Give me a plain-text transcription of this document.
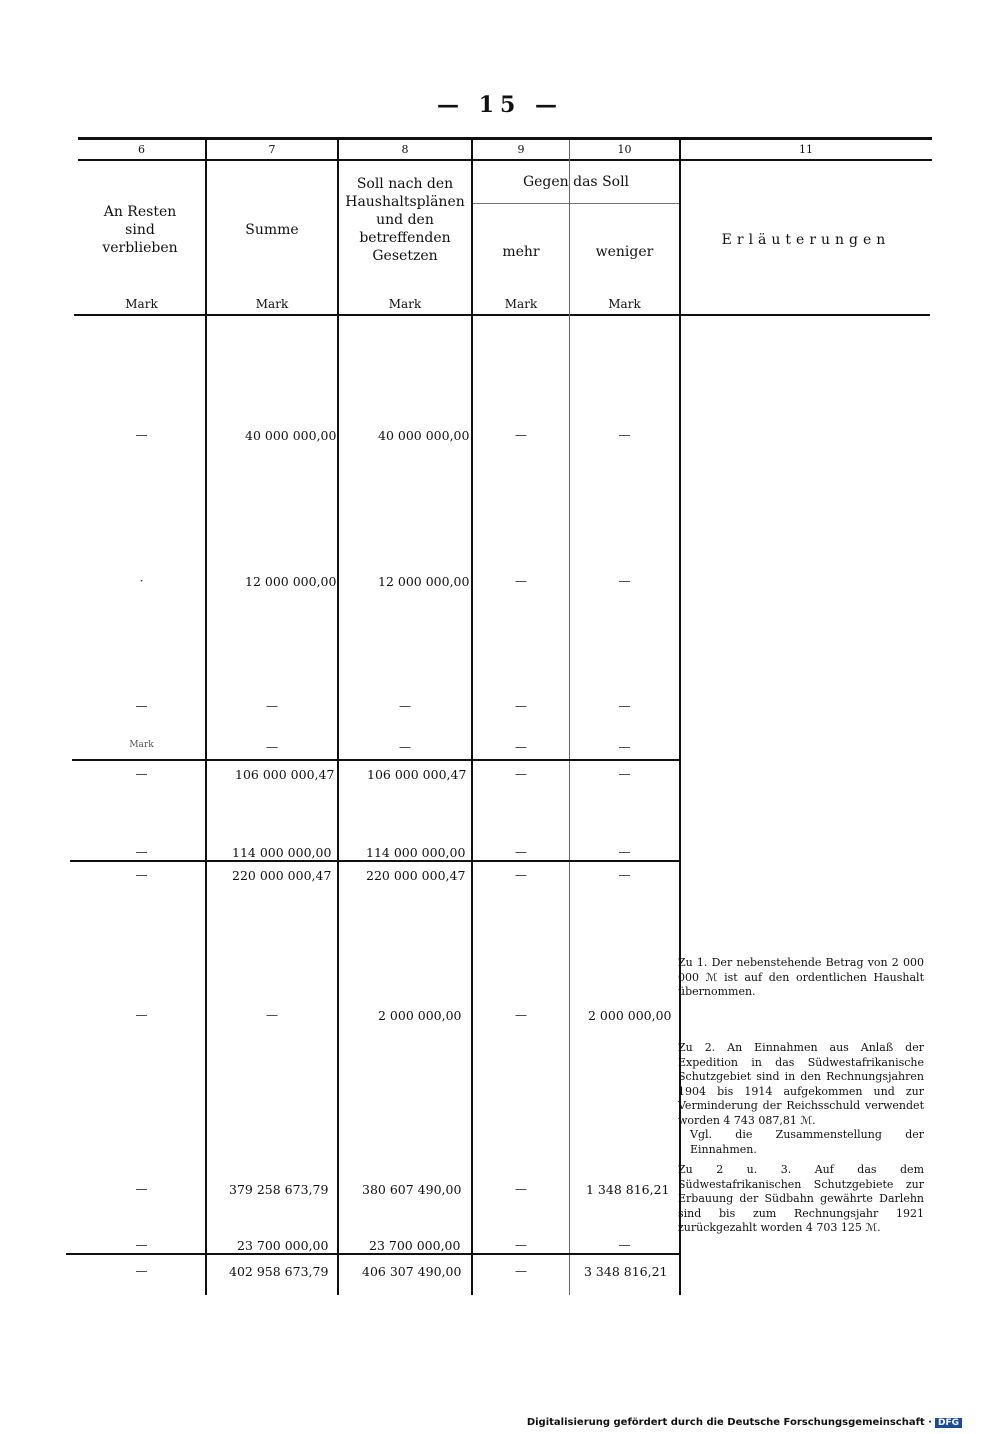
— 15 —
6	7	8	9	10	11
An Resten sind verblieben
Summe
Soll nach den Haushaltsplänen und den betreffenden Gesetzen
Gegen das Soll
mehr	weniger
Erläuterungen
Mark	Mark	Mark	Mark	Mark
—	40 000 000,00	40 000 000,00	—	—
·	12 000 000,00	12 000 000,00	—	—
—	—	—	—	—
Mark	—	—	—	—
—	106 000 000,47	106 000 000,47	—	—
—	114 000 000,00	114 000 000,00	—	—
—	220 000 000,47	220 000 000,47	—	—
—	—	2 000 000,00	—	2 000 000,00
—	379 258 673,79	380 607 490,00	—	1 348 816,21
—	23 700 000,00	23 700 000,00	—	—
—	402 958 673,79	406 307 490,00	—	3 348 816,21
Zu 1. Der nebenstehende Betrag von 2 000 000 ℳ ist auf den ordentlichen Haushalt übernommen.
Zu 2. An Einnahmen aus Anlaß der Expedition in das Südwestafrikanische Schutzgebiet sind in den Rechnungsjahren 1904 bis 1914 aufgekommen und zur Verminderung der Reichsschuld verwendet worden 4 743 087,81 ℳ.
Vgl. die Zusammenstellung der Einnahmen.
Zu 2 u. 3. Auf das dem Südwestafrikanischen Schutzgebiete zur Erbauung der Südbahn gewährte Darlehn sind bis zum Rechnungsjahr 1921 zurückgezahlt worden 4 703 125 ℳ.
Digitalisierung gefördert durch die Deutsche Forschungsgemeinschaft · DFG
